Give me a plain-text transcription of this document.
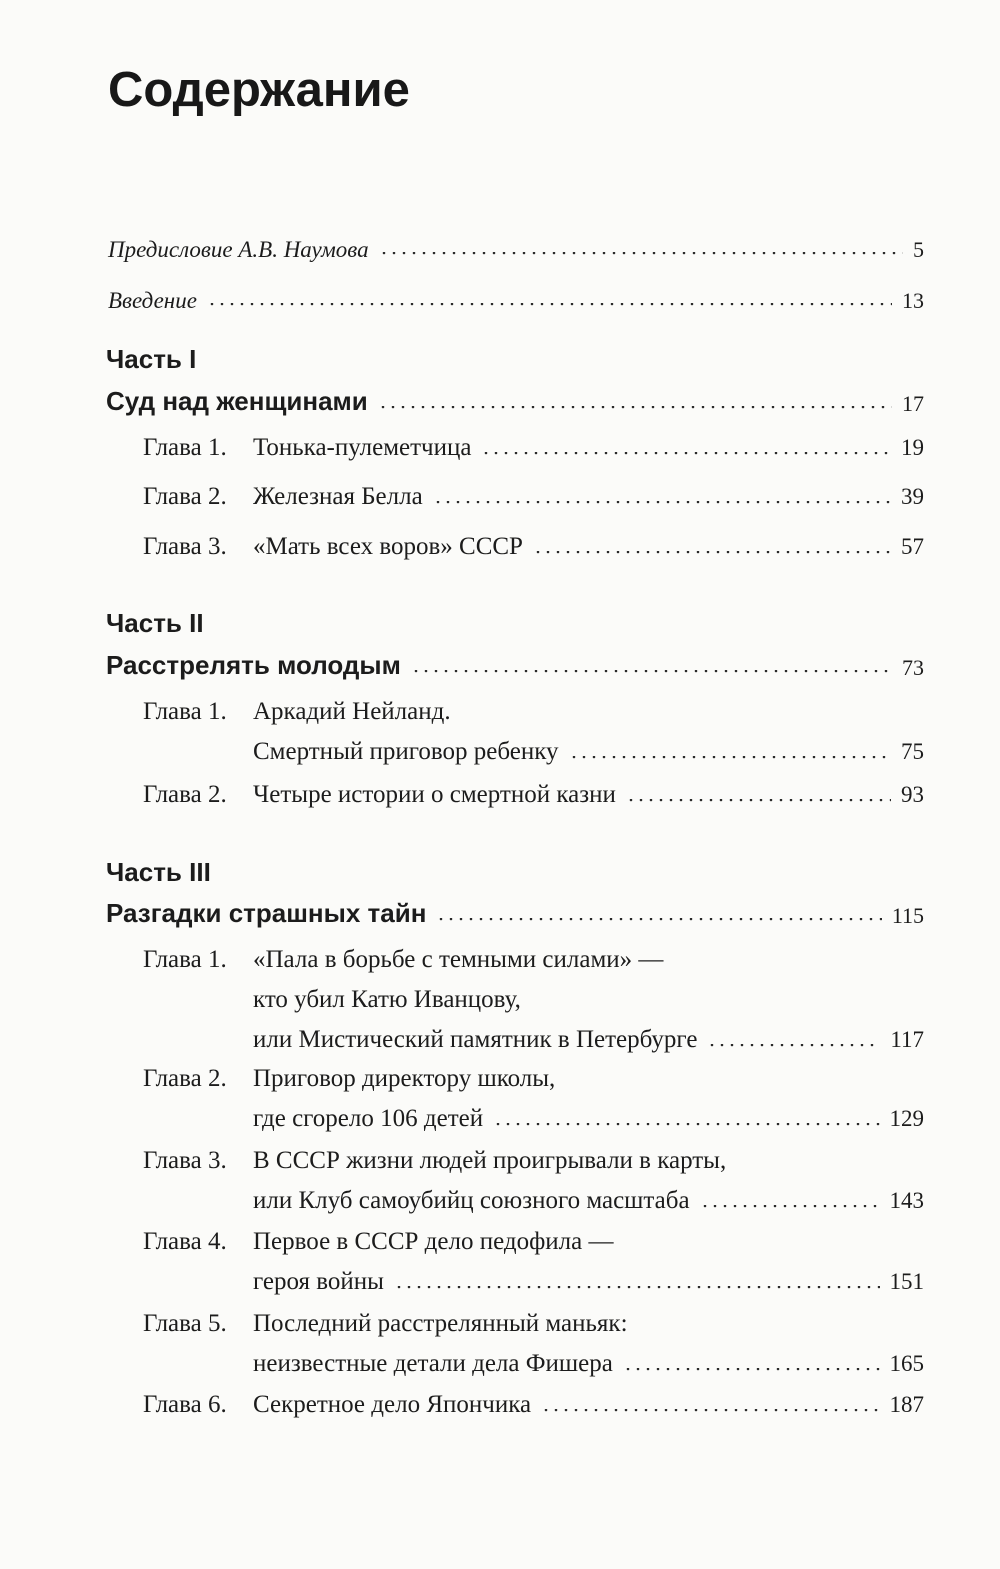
Содержание
Предисловие А.В. Наумова	5
Введение	13
Часть I
Суд над женщинами	17
Глава 1.	Тонька-пулеметчица	19
Глава 2.	Железная Белла	39
Глава 3.	«Мать всех воров» СССР	57
Часть II
Расстрелять молодым	73
Глава 1.	Аркадий Нейланд.
Смертный приговор ребенку	75
Глава 2.	Четыре истории о смертной казни	93
Часть III
Разгадки страшных тайн	115
Глава 1.	«Пала в борьбе с темными силами» —
кто убил Катю Иванцову,
или Мистический памятник в Петербурге	117
Глава 2.	Приговор директору школы,
где сгорело 106 детей	129
Глава 3.	В СССР жизни людей проигрывали в карты,
или Клуб самоубийц союзного масштаба	143
Глава 4.	Первое в СССР дело педофила —
героя войны	151
Глава 5.	Последний расстрелянный маньяк:
неизвестные детали дела Фишера	165
Глава 6.	Секретное дело Япончика	187
